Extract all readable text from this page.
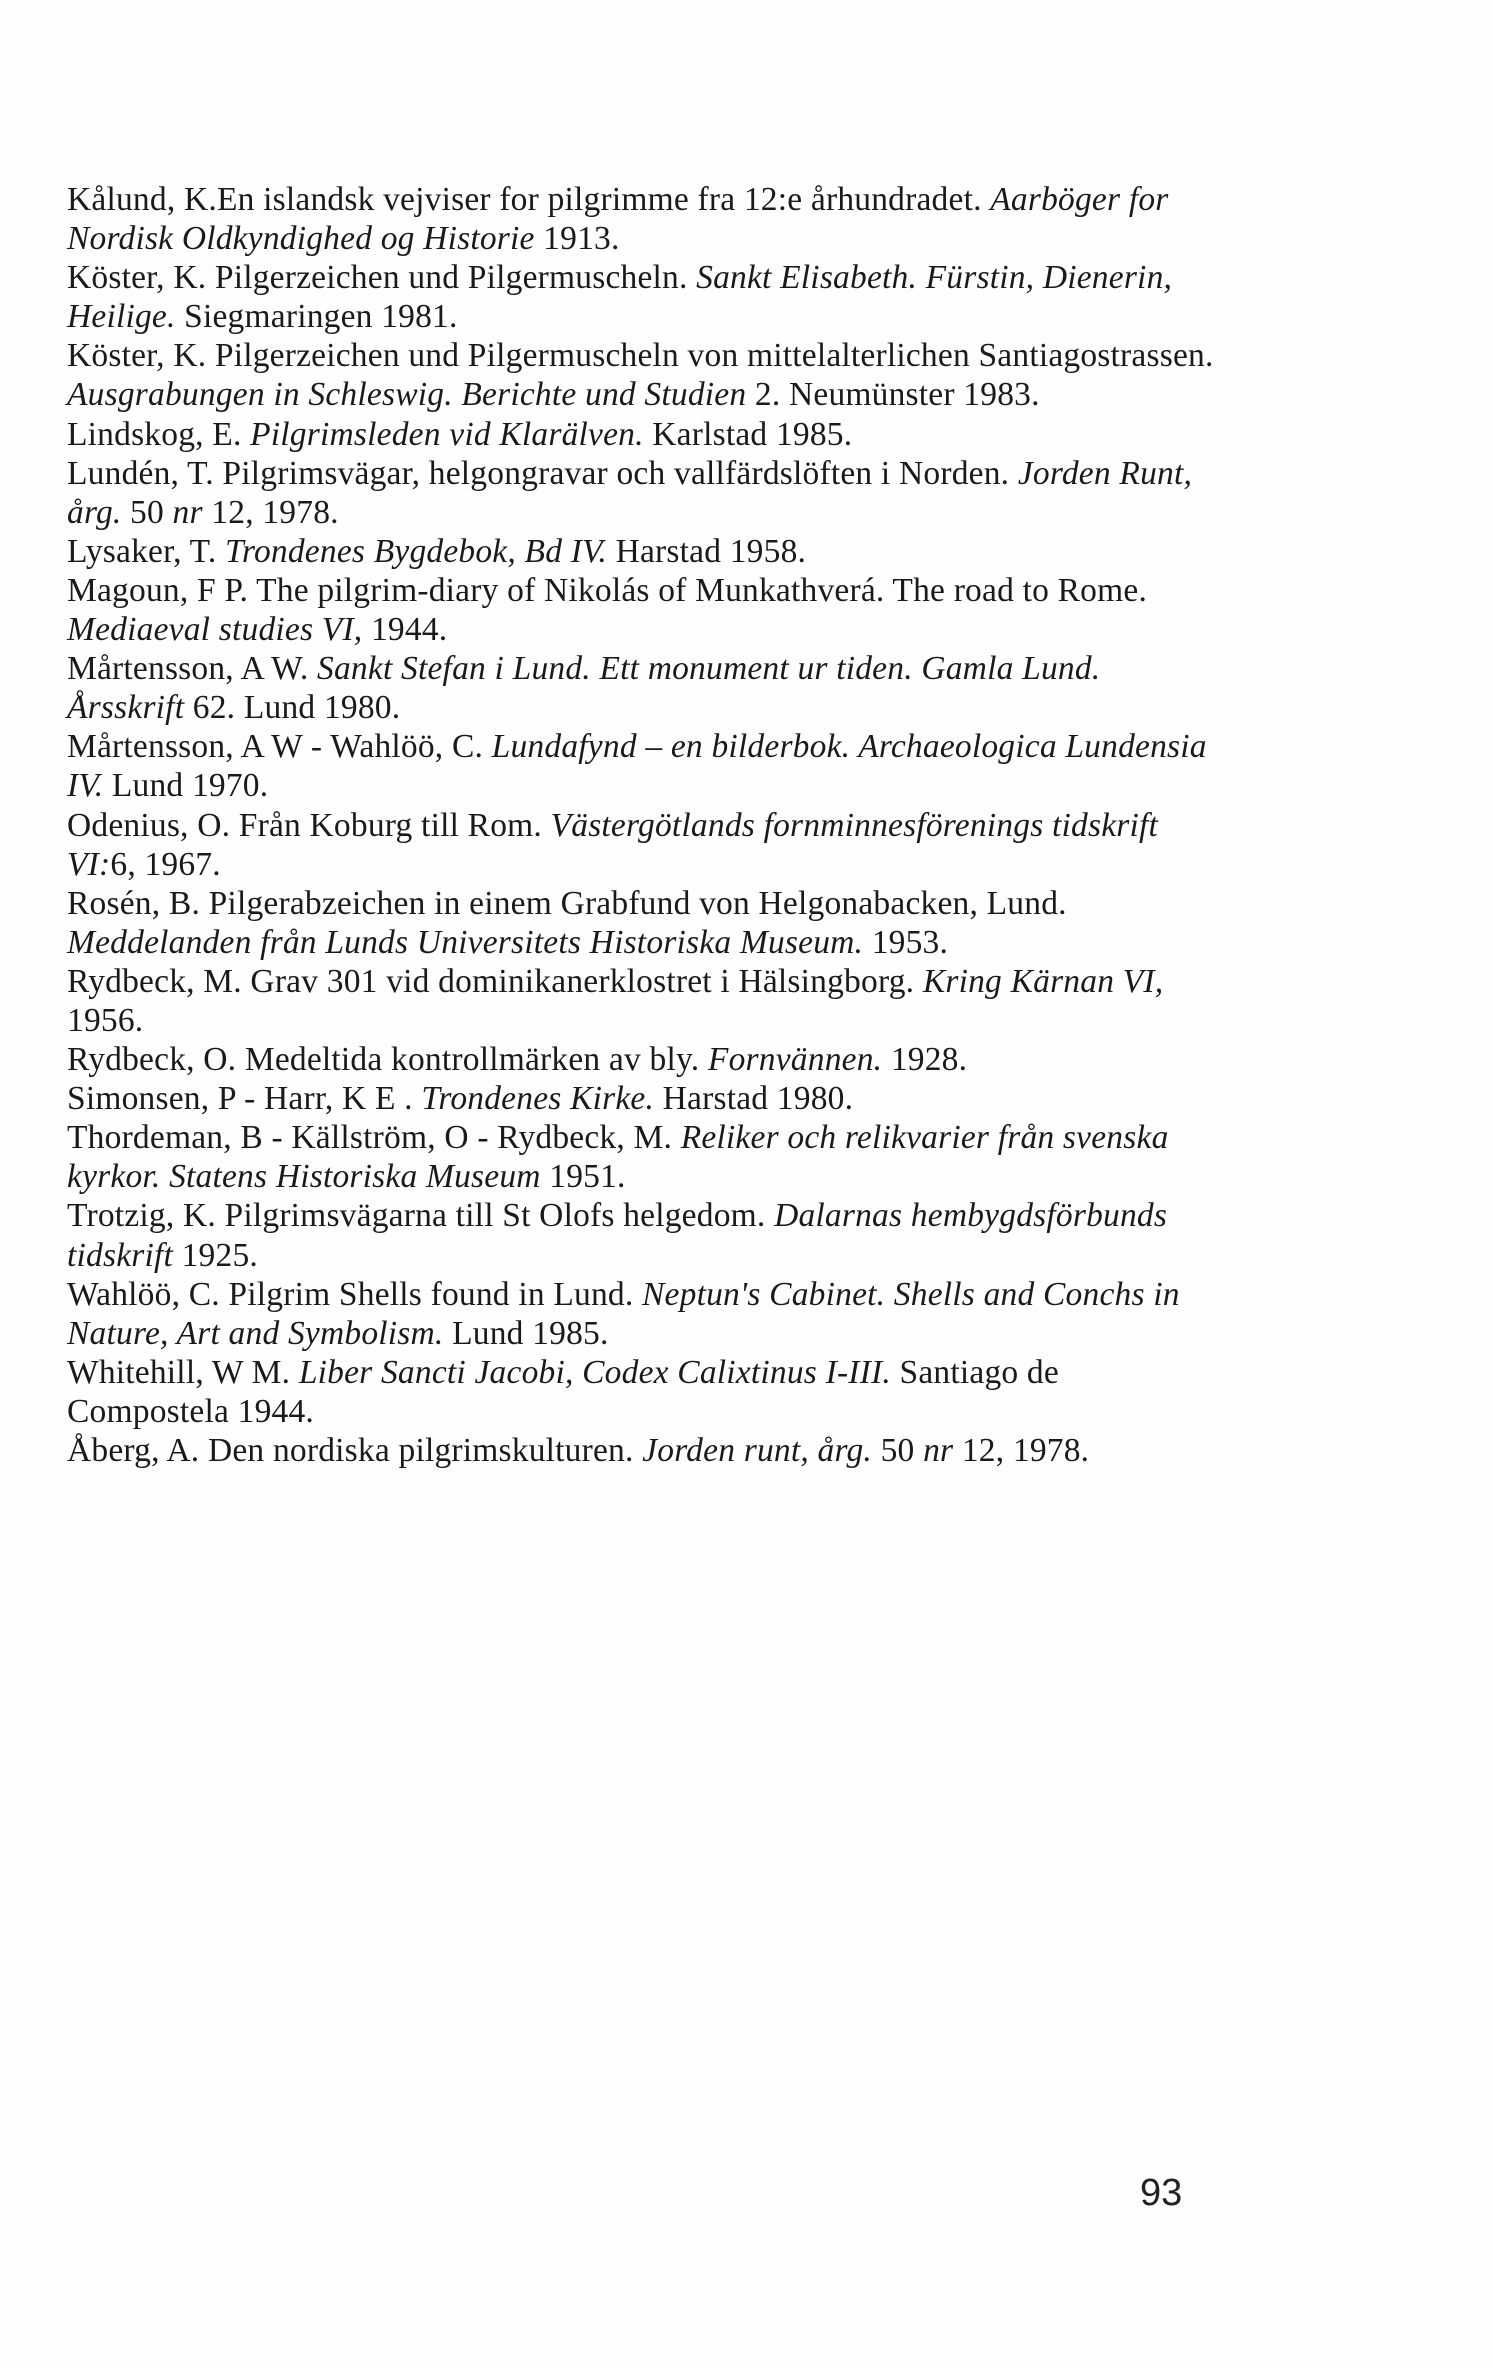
Kålund, K.En islandsk vejviser for pilgrimme fra 12:e århundradet. Aarböger for Nordisk Oldkyndighed og Historie 1913.

Köster, K. Pilgerzeichen und Pilgermuscheln. Sankt Elisabeth. Fürstin, Dienerin, Heilige. Siegmaringen 1981.

Köster, K. Pilgerzeichen und Pilgermuscheln von mittelalterlichen Santiagostrassen. Ausgrabungen in Schleswig. Berichte und Studien 2. Neumünster 1983.

Lindskog, E. Pilgrimsleden vid Klarälven. Karlstad 1985.

Lundén, T. Pilgrimsvägar, helgongravar och vallfärdslöften i Norden. Jorden Runt, årg. 50 nr 12, 1978.

Lysaker, T. Trondenes Bygdebok, Bd IV. Harstad 1958.

Magoun, F P. The pilgrim-diary of Nikolás of Munkathverá. The road to Rome. Mediaeval studies VI, 1944.

Mårtensson, A W. Sankt Stefan i Lund. Ett monument ur tiden. Gamla Lund. Årsskrift 62. Lund 1980.

Mårtensson, A W - Wahlöö, C. Lundafynd – en bilderbok. Archaeologica Lundensia IV. Lund 1970.

Odenius, O. Från Koburg till Rom. Västergötlands fornminnesförenings tidskrift VI:6, 1967.

Rosén, B. Pilgerabzeichen in einem Grabfund von Helgonabacken, Lund. Meddelanden från Lunds Universitets Historiska Museum. 1953.

Rydbeck, M. Grav 301 vid dominikanerklostret i Hälsingborg. Kring Kärnan VI, 1956.

Rydbeck, O. Medeltida kontrollmärken av bly. Fornvännen. 1928.

Simonsen, P - Harr, K E . Trondenes Kirke. Harstad 1980.

Thordeman, B - Källström, O - Rydbeck, M. Reliker och relikvarier från svenska kyrkor. Statens Historiska Museum 1951.

Trotzig, K. Pilgrimsvägarna till St Olofs helgedom. Dalarnas hembygdsförbunds tidskrift 1925.

Wahlöö, C. Pilgrim Shells found in Lund. Neptun's Cabinet. Shells and Conchs in Nature, Art and Symbolism. Lund 1985.

Whitehill, W M. Liber Sancti Jacobi, Codex Calixtinus I-III. Santiago de Compostela 1944.

Åberg, A. Den nordiska pilgrimskulturen. Jorden runt, årg. 50 nr 12, 1978.

93
